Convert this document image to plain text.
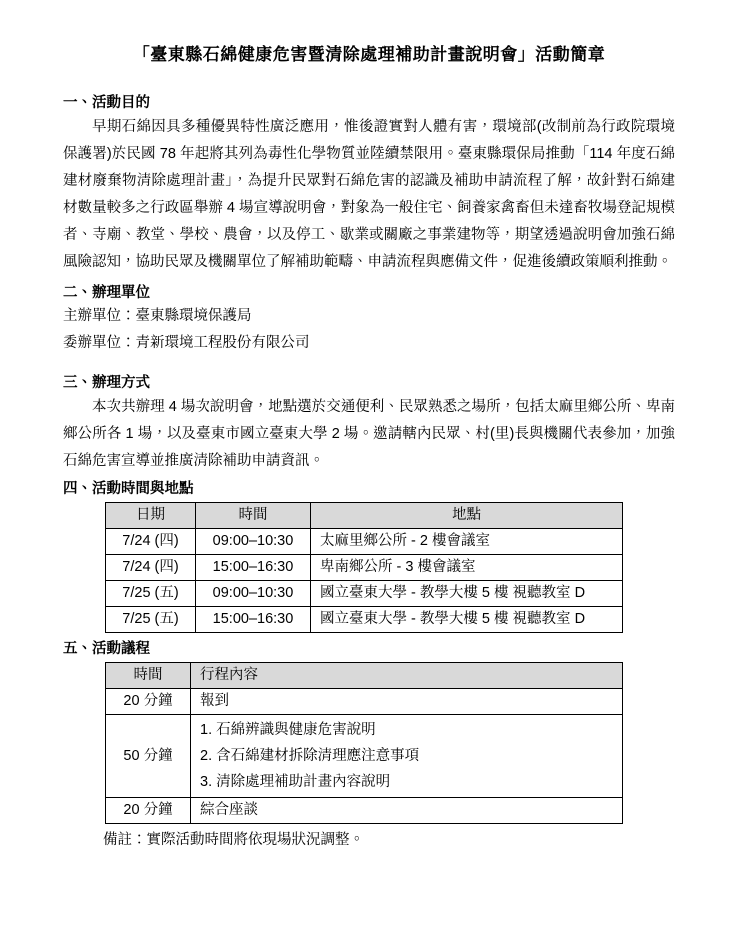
「臺東縣石綿健康危害暨清除處理補助計畫說明會」活動簡章
一、活動目的
早期石綿因具多種優異特性廣泛應用，惟後證實對人體有害，環境部(改制前為行政院環境保護署)於民國 78 年起將其列為毒性化學物質並陸續禁限用。臺東縣環保局推動「114 年度石綿建材廢棄物清除處理計畫」，為提升民眾對石綿危害的認識及補助申請流程了解，故針對石綿建材數量較多之行政區舉辦 4 場宣導說明會，對象為一般住宅、飼養家禽畜但未達畜牧場登記規模者、寺廟、教堂、學校、農會，以及停工、歇業或關廠之事業建物等，期望透過說明會加強石綿風險認知，協助民眾及機關單位了解補助範疇、申請流程與應備文件，促進後續政策順利推動。
二、辦理單位
主辦單位：臺東縣環境保護局
委辦單位：青新環境工程股份有限公司
三、辦理方式
本次共辦理 4 場次說明會，地點選於交通便利、民眾熟悉之場所，包括太麻里鄉公所、卑南鄉公所各 1 場，以及臺東市國立臺東大學 2 場。邀請轄內民眾、村(里)長與機關代表參加，加強石綿危害宣導並推廣清除補助申請資訊。
四、活動時間與地點
日期	時間	地點
7/24 (四)	09:00–10:30	太麻里鄉公所 - 2 樓會議室
7/24 (四)	15:00–16:30	卑南鄉公所 - 3 樓會議室
7/25 (五)	09:00–10:30	國立臺東大學 - 教學大樓 5 樓 視聽教室 D
7/25 (五)	15:00–16:30	國立臺東大學 - 教學大樓 5 樓 視聽教室 D
五、活動議程
時間	行程內容
20 分鐘	報到
50 分鐘	1. 石綿辨識與健康危害說明
2. 含石綿建材拆除清理應注意事項
3. 清除處理補助計畫內容說明

20 分鐘	綜合座談
備註：實際活動時間將依現場狀況調整。
